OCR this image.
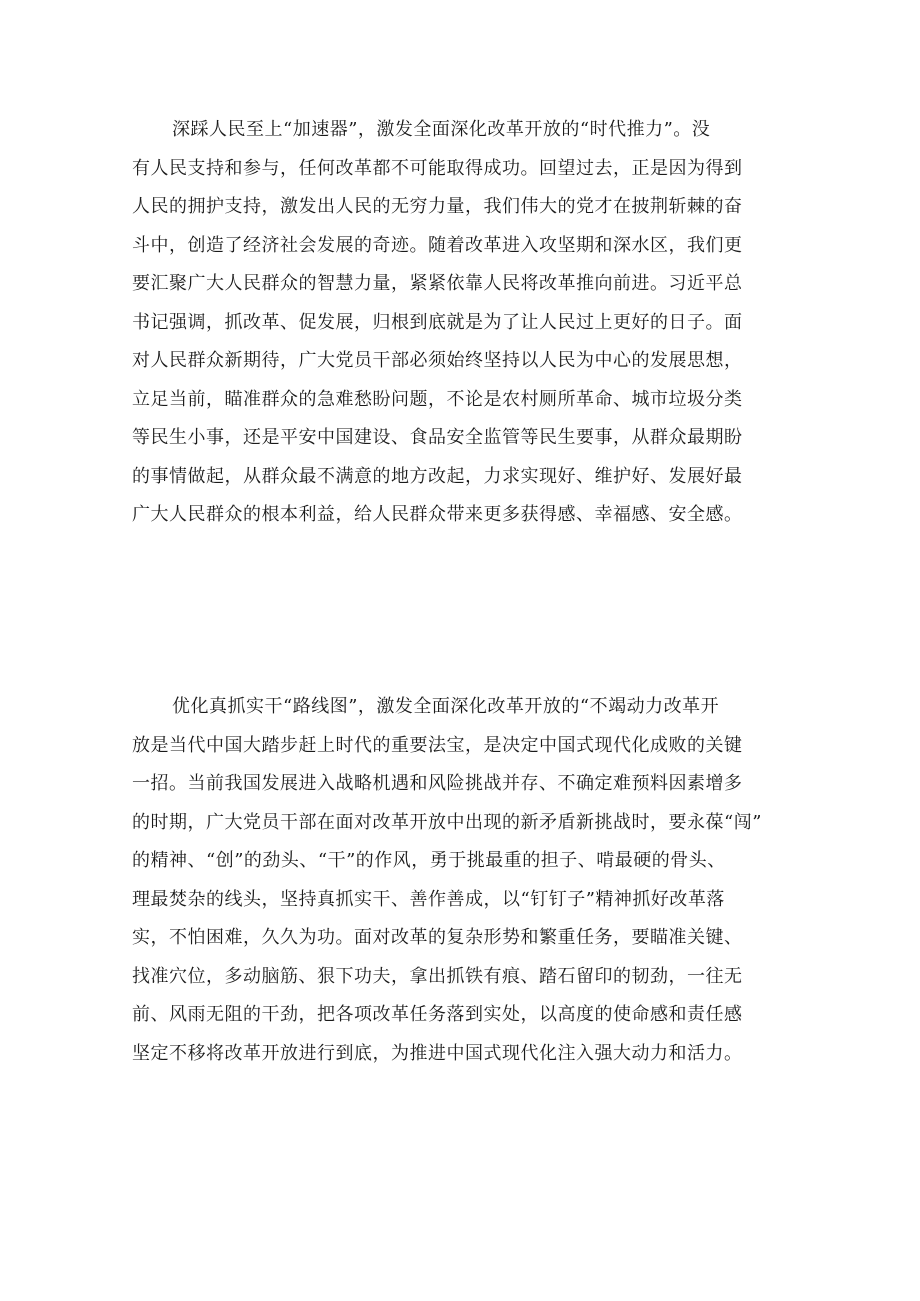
深踩人民至上“加速器”，激发全面深化改革开放的“时代推力”。没
有人民支持和参与，任何改革都不可能取得成功。回望过去，正是因为得到
人民的拥护支持，激发出人民的无穷力量，我们伟大的党才在披荆斩棘的奋
斗中，创造了经济社会发展的奇迹。随着改革进入攻坚期和深水区，我们更
要汇聚广大人民群众的智慧力量，紧紧依靠人民将改革推向前进。习近平总
书记强调，抓改革、促发展，归根到底就是为了让人民过上更好的日子。面
对人民群众新期待，广大党员干部必须始终坚持以人民为中心的发展思想，
立足当前，瞄准群众的急难愁盼问题，不论是农村厕所革命、城市垃圾分类
等民生小事，还是平安中国建设、食品安全监管等民生要事，从群众最期盼
的事情做起，从群众最不满意的地方改起，力求实现好、维护好、发展好最
广大人民群众的根本利益，给人民群众带来更多获得感、幸福感、安全感。
优化真抓实干“路线图”，激发全面深化改革开放的“不竭动力改革开
放是当代中国大踏步赶上时代的重要法宝，是决定中国式现代化成败的关键
一招。当前我国发展进入战略机遇和风险挑战并存、不确定难预料因素增多
的时期，广大党员干部在面对改革开放中出现的新矛盾新挑战时，要永葆“闯”
的精神、“创”的劲头、“干”的作风，勇于挑最重的担子、啃最硬的骨头、
理最焚杂的线头，坚持真抓实干、善作善成，以“钉钉子”精神抓好改革落
实，不怕困难，久久为功。面对改革的复杂形势和繁重任务，要瞄准关键、
找准穴位，多动脑筋、狠下功夫，拿出抓铁有痕、踏石留印的韧劲，一往无
前、风雨无阻的干劲，把各项改革任务落到实处，以高度的使命感和责任感
坚定不移将改革开放进行到底，为推进中国式现代化注入强大动力和活力。
